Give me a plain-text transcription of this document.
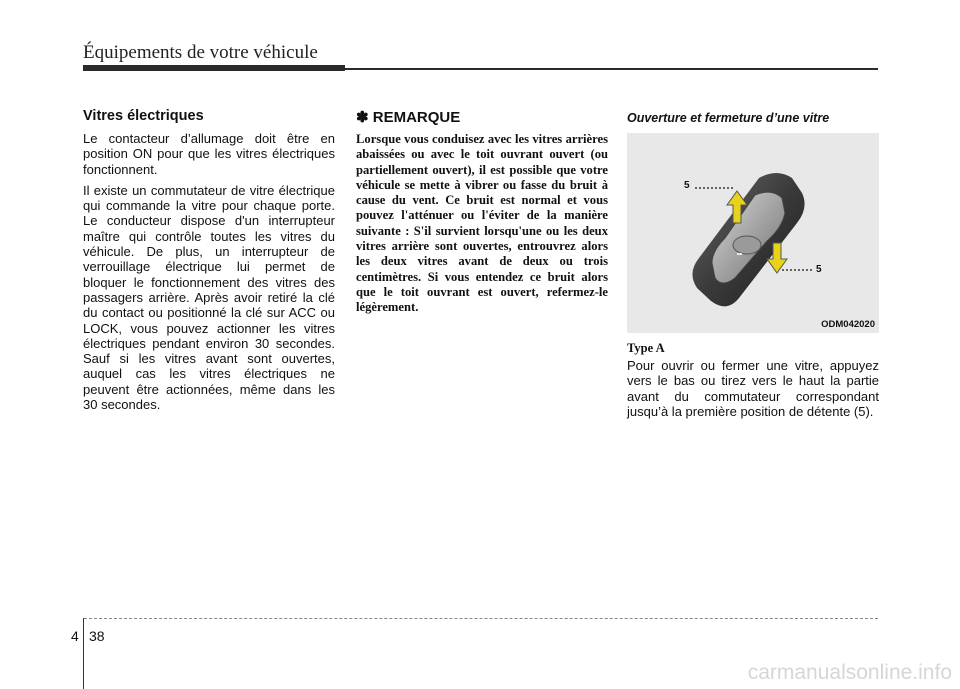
Équipements de votre véhicule
Vitres électriques

Le contacteur d’allumage doit être en position ON pour que les vitres électriques fonctionnent.

Il existe un commutateur de vitre électrique qui commande la vitre pour chaque porte. Le conducteur dispose d'un interrupteur maître qui contrôle toutes les vitres du véhicule. De plus, un interrupteur de verrouillage électrique lui permet de bloquer le fonctionnement des vitres des passagers arrière. Après avoir retiré la clé du contact ou positionné la clé sur ACC ou LOCK, vous pouvez actionner les vitres électriques pendant environ 30 secondes. Sauf si les vitres avant sont ouvertes, auquel cas les vitres électriques ne peuvent être actionnées, même dans les 30 secondes.

✽ REMARQUE

Lorsque vous conduisez avec les vitres arrières abaissées ou avec le toit ouvrant ouvert (ou partiellement ouvert), il est possible que votre véhicule se mette à vibrer ou fasse du bruit à cause du vent. Ce bruit est normal et vous pouvez l'atténuer ou l'éviter de la manière suivante : S'il survient lorsqu'une ou les deux vitres arrière sont ouvertes, entrouvrez alors les deux vitres avant de deux ou trois centimètres. Si vous entendez ce bruit alors que le toit ouvrant est ouvert, refermez-le légèrement.

Ouverture et fermeture d’une vitre
5
5
ODM042020
Type A

Pour ouvrir ou fermer une vitre, appuyez vers le bas ou tirez vers le haut la partie avant du commutateur correspondant jusqu’à la première position de détente (5).

4 38
carmanualsonline.info
